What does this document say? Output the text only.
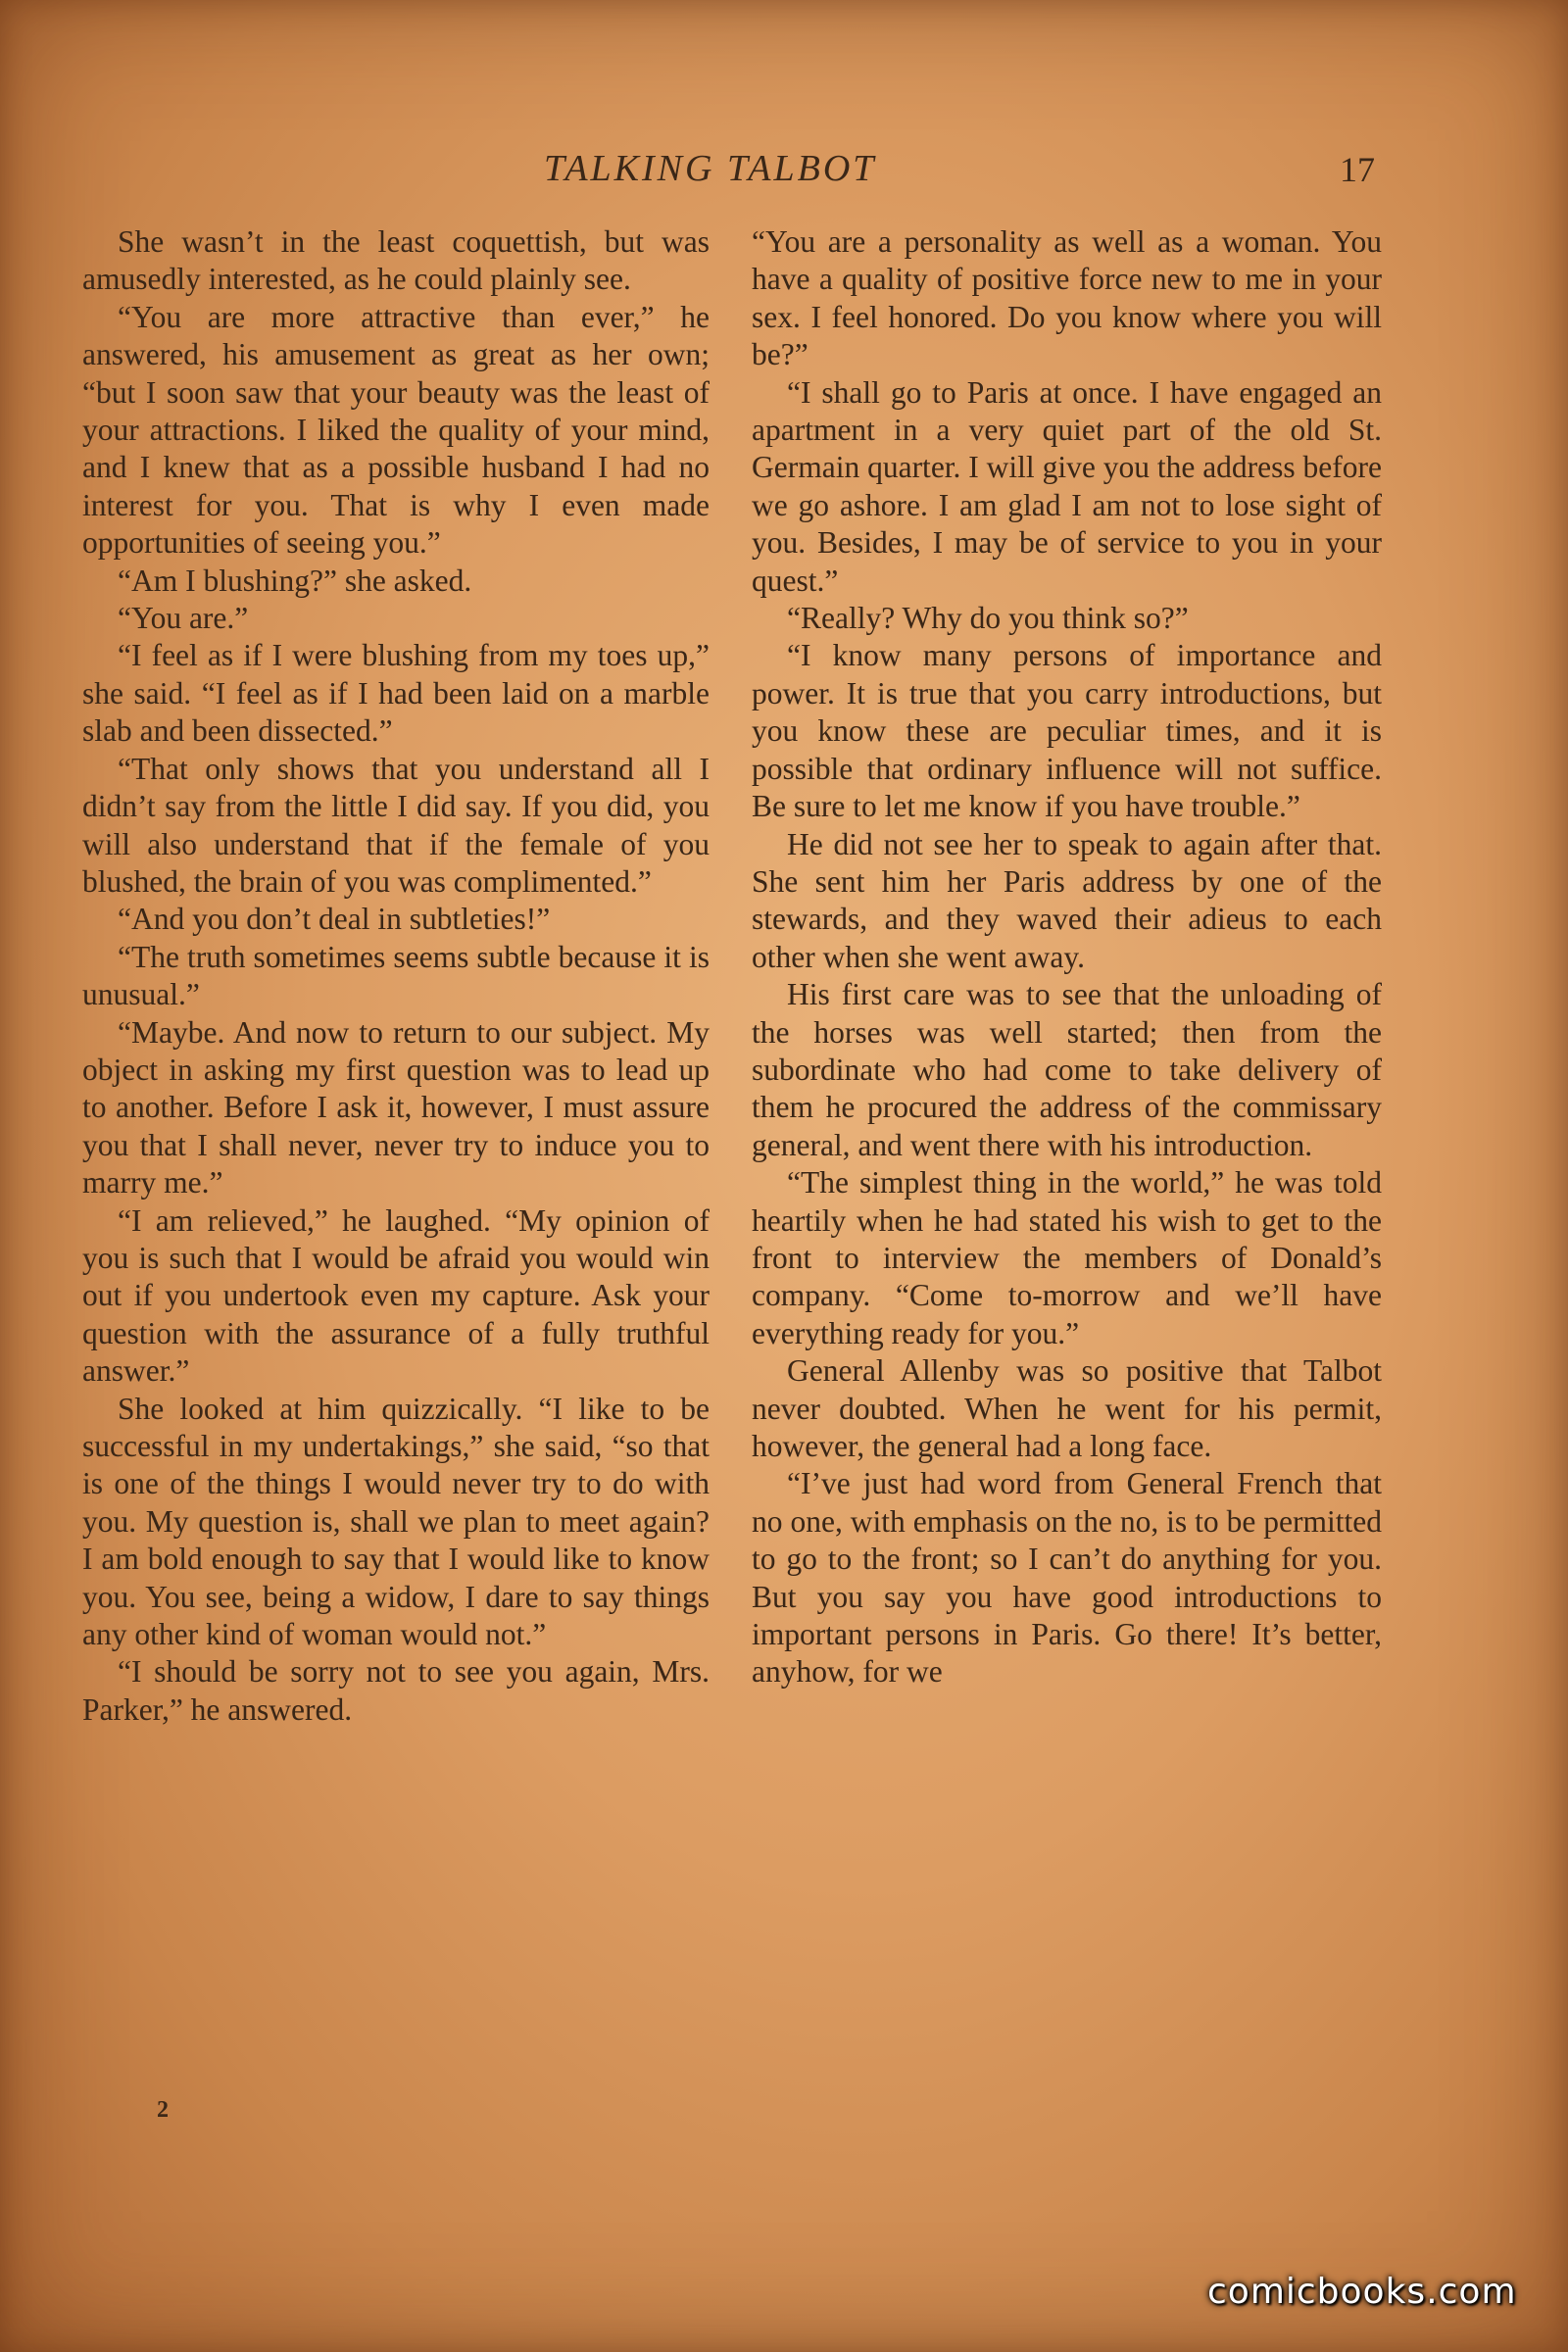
TALKING TALBOT	17

She wasn’t in the least coquettish, but was amusedly interested, as he could plainly see.

“You are more attractive than ever,” he answered, his amusement as great as her own; “but I soon saw that your beauty was the least of your attractions. I liked the quality of your mind, and I knew that as a possible husband I had no interest for you. That is why I even made opportunities of seeing you.”

“Am I blushing?” she asked.

“You are.”

“I feel as if I were blushing from my toes up,” she said. “I feel as if I had been laid on a marble slab and been dissected.”

“That only shows that you understand all I didn’t say from the little I did say. If you did, you will also understand that if the female of you blushed, the brain of you was complimented.”

“And you don’t deal in subtleties!”

“The truth sometimes seems subtle because it is unusual.”

“Maybe. And now to return to our subject. My object in asking my first question was to lead up to another. Before I ask it, however, I must assure you that I shall never, never try to induce you to marry me.”

“I am relieved,” he laughed. “My opinion of you is such that I would be afraid you would win out if you undertook even my capture. Ask your question with the assurance of a fully truthful answer.”

She looked at him quizzically. “I like to be successful in my undertakings,” she said, “so that is one of the things I would never try to do with you. My question is, shall we plan to meet again? I am bold enough to say that I would like to know you. You see, being a widow, I dare to say things any other kind of woman would not.”

“I should be sorry not to see you again, Mrs. Parker,” he answered.

“You are a personality as well as a woman. You have a quality of positive force new to me in your sex. I feel honored. Do you know where you will be?”

“I shall go to Paris at once. I have engaged an apartment in a very quiet part of the old St. Germain quarter. I will give you the address before we go ashore. I am glad I am not to lose sight of you. Besides, I may be of service to you in your quest.”

“Really? Why do you think so?”

“I know many persons of importance and power. It is true that you carry introductions, but you know these are peculiar times, and it is possible that ordinary influence will not suffice. Be sure to let me know if you have trouble.”

He did not see her to speak to again after that. She sent him her Paris address by one of the stewards, and they waved their adieus to each other when she went away.

His first care was to see that the unloading of the horses was well started; then from the subordinate who had come to take delivery of them he procured the address of the commissary general, and went there with his introduction.

“The simplest thing in the world,” he was told heartily when he had stated his wish to get to the front to interview the members of Donald’s company. “Come to-morrow and we’ll have everything ready for you.”

General Allenby was so positive that Talbot never doubted. When he went for his permit, however, the general had a long face.

“I’ve just had word from General French that no one, with emphasis on the no, is to be permitted to go to the front; so I can’t do anything for you. But you say you have good introductions to important persons in Paris. Go there! It’s better, anyhow, for we

2
comicbooks.com
